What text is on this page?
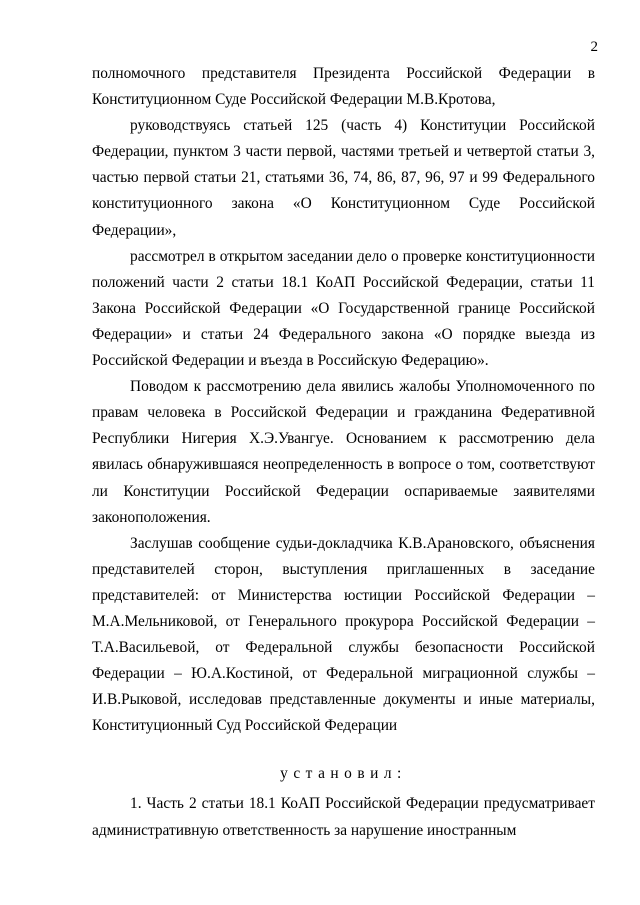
2

полномочного представителя Президента Российской Федерации в Конституционном Суде Российской Федерации М.В.Кротова,

руководствуясь статьей 125 (часть 4) Конституции Российской Федерации, пунктом 3 части первой, частями третьей и четвертой статьи 3, частью первой статьи 21, статьями 36, 74, 86, 87, 96, 97 и 99 Федерального конституционного закона «О Конституционном Суде Российской Федерации»,

рассмотрел в открытом заседании дело о проверке конституционности положений части 2 статьи 18.1 КоАП Российской Федерации, статьи 11 Закона Российской Федерации «О Государственной границе Российской Федерации» и статьи 24 Федерального закона «О порядке выезда из Российской Федерации и въезда в Российскую Федерацию».

Поводом к рассмотрению дела явились жалобы Уполномоченного по правам человека в Российской Федерации и гражданина Федеративной Республики Нигерия Х.Э.Увангуе. Основанием к рассмотрению дела явилась обнаружившаяся неопределенность в вопросе о том, соответствуют ли Конституции Российской Федерации оспариваемые заявителями законоположения.

Заслушав сообщение судьи-докладчика К.В.Арановского, объяснения представителей сторон, выступления приглашенных в заседание представителей: от Министерства юстиции Российской Федерации – М.А.Мельниковой, от Генерального прокурора Российской Федерации – Т.А.Васильевой, от Федеральной службы безопасности Российской Федерации – Ю.А.Костиной, от Федеральной миграционной службы – И.В.Рыковой, исследовав представленные документы и иные материалы, Конституционный Суд Российской Федерации

установил:

1. Часть 2 статьи 18.1 КоАП Российской Федерации предусматривает административную ответственность за нарушение иностранным
